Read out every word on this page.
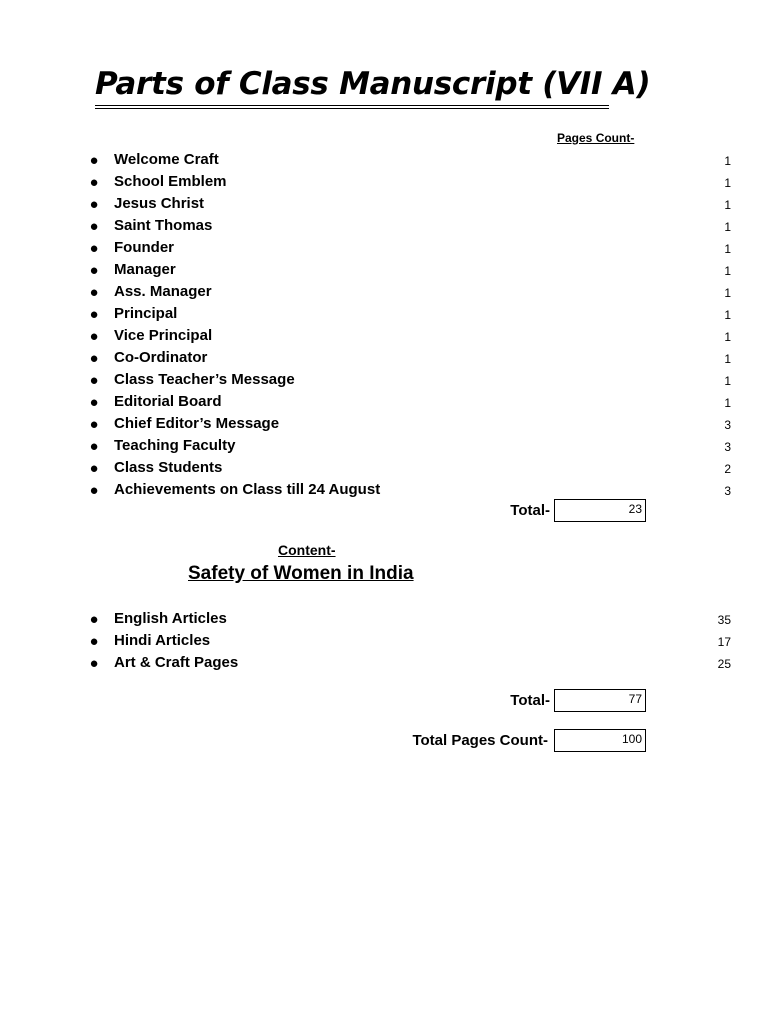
Parts of Class Manuscript (VII A)
Pages Count-
● Welcome Craft	1
● School Emblem	1
● Jesus Christ	1
● Saint Thomas	1
● Founder	1
● Manager	1
● Ass. Manager	1
● Principal	1
● Vice Principal	1
● Co-Ordinator	1
● Class Teacher’s Message	1
● Editorial Board	1
● Chief Editor’s Message	3
● Teaching Faculty	3
● Class Students	2
● Achievements on Class till 24 August	3
Total-	23
Content-
Safety of Women in India
● English Articles	35
● Hindi Articles	17
● Art & Craft Pages	25
Total-	77
Total Pages Count-	100
